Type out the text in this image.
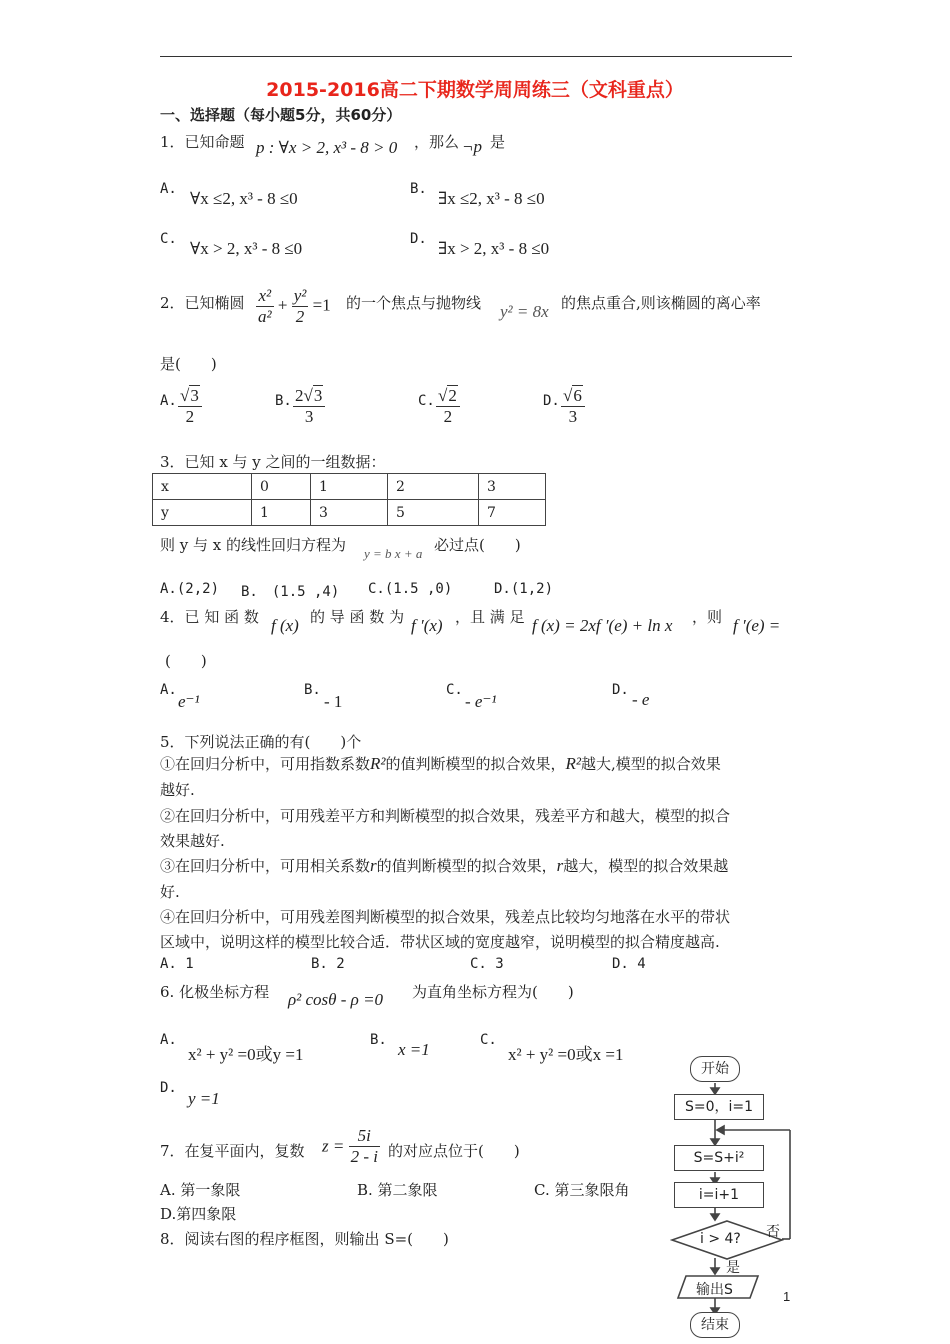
2015-2016高二下期数学周周练三（文科重点）
一、选择题（每小题5分，共60分）
1．已知命题 p : ∀x > 2, x³ - 8 > 0 ，那么 ¬p 是
A. ∀x ≤2, x³ - 8 ≤0	B. ∃x ≤2, x³ - 8 ≤0
C. ∀x > 2, x³ - 8 ≤0	D. ∃x > 2, x³ - 8 ≤0
2．已知椭圆 $\frac{\text{x²}}{\text{a²}} + \frac{\text{y²}}{2} =1$ 的一个焦点与抛物线 y² = 8x 的焦点重合,则该椭圆的离心率
是(　　)
A. $\frac{√3}{2}$	B. $\frac{2√3}{3}$	C. $\frac{√2}{2}$	D. $\frac{√6}{3}$
3．已知 x 与 y 之间的一组数据：
x	0	1	2	3
y	1	3	5	7
则 y 与 x 的线性回归方程为 y = b x + a 必过点(　　)
A.(2,2) B.　(1.5 ,4) C.(1.5 ,0)	D.(1,2)
4．已 知 函 数 f (x) 的 导 函 数 为 f ′(x) ，且 满 足 f (x) = 2xf ′(e) + ln x ，则 f ′(e) =
(　　)
A.
e⁻¹
B.
- 1
C.
- e⁻¹
D. - e
5．下列说法正确的有(　　)个
①在回归分析中，可用指数系数R²的值判断模型的拟合效果，R²越大,模型的拟合效果
越好.
②在回归分析中，可用残差平方和判断模型的拟合效果，残差平方和越大，模型的拟合
效果越好.
③在回归分析中，可用相关系数r的值判断模型的拟合效果，r越大，模型的拟合效果越
好.
④在回归分析中，可用残差图判断模型的拟合效果，残差点比较均匀地落在水平的带状
区域中，说明这样的模型比较合适．带状区域的宽度越窄，说明模型的拟合精度越高.
A. 1	B. 2	C. 3	D. 4
6. 化极坐标方程 ρ² cosθ - ρ =0 为直角坐标方程为(　　)
A.
x² + y² =0或y =1
B. x =1	C.
x² + y² =0或x =1
D.
y =1
7．在复平面内，复数 $z = \frac{5i}{2 - i}$ 的对应点位于(　　)
A. 第一象限	B. 第二象限	C. 第三象限角
D.第四象限
8．阅读右图的程序框图，则输出 S=(　　)
开始
S=0，i=1
S=S+i²
i=i+1
i > 4? 否
是
输出S
结束
1
